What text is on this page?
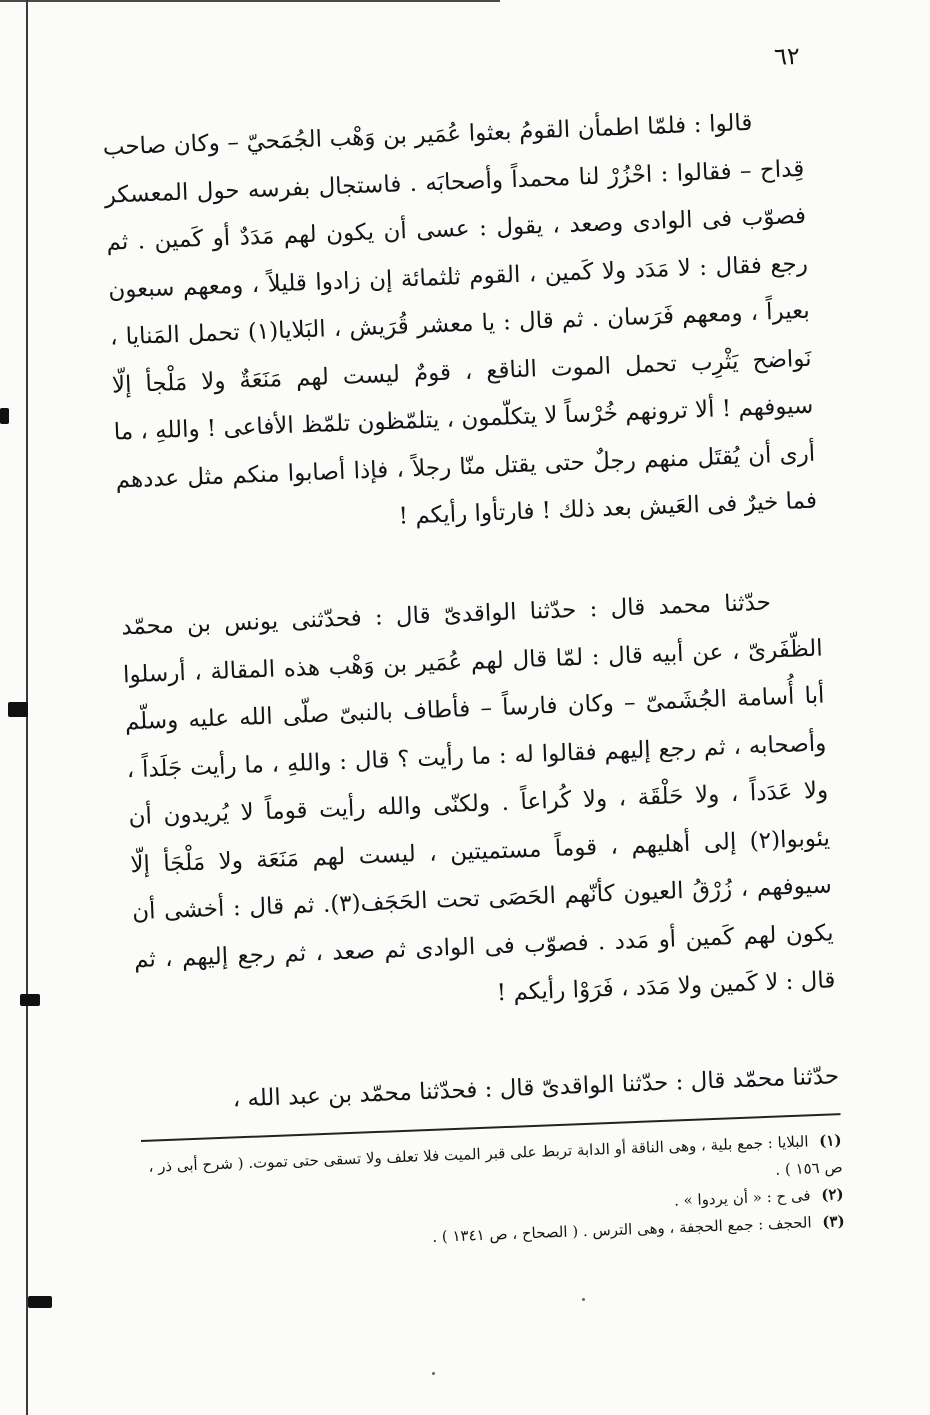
٦٢

قالوا : فلمّا اطمأن القومُ بعثوا عُمَير بن وَهْب الجُمَحيّ – وكان صاحب قِداح – فقالوا : احْزُرْ لنا محمداً وأصحابَه . فاستجال بفرسه حول المعسكر فصوّب فى الوادى وصعد ، يقول : عسى أن يكون لهم مَدَدٌ أو كَمين . ثم رجع فقال : لا مَدَد ولا كَمين ، القوم ثلثمائة إن زادوا قليلاً ، ومعهم سبعون بعيراً ، ومعهم فَرَسان . ثم قال : يا معشر قُرَيش ، البَلايا(١) تحمل المَنايا ، نَواضح يَثْرِب تحمل الموت الناقع ، قومٌ ليست لهم مَنَعَةٌ ولا مَلْجأ إلّا سيوفهم ! ألا ترونهم خُرْساً لا يتكلّمون ، يتلمّظون تلمّظ الأفاعى ! واللهِ ، ما أرى أن يُقتَل منهم رجلٌ حتى يقتل منّا رجلاً ، فإذا أصابوا منكم مثل عددهم فما خيرٌ فى العَيش بعد ذلك ! فارتأوا رأيكم !

حدّثنا محمد قال : حدّثنا الواقدىّ قال : فحدّثنى يونس بن محمّد الظّفَرىّ ، عن أبيه قال : لمّا قال لهم عُمَير بن وَهْب هذه المقالة ، أرسلوا أبا أُسامة الجُشَمىّ – وكان فارساً – فأطاف بالنبىّ صلّى الله عليه وسلّم وأصحابه ، ثم رجع إليهم فقالوا له : ما رأيت ؟ قال : واللهِ ، ما رأيت جَلَداً ، ولا عَدَداً ، ولا حَلْقَة ، ولا كُراعاً . ولكنّى والله رأيت قوماً لا يُريدون أن يئوبوا(٢) إلى أهليهم ، قوماً مستميتين ، ليست لهم مَنَعَة ولا مَلْجَأ إلّا سيوفهم ، زُرْقُ العيون كأنّهم الحَصَى تحت الحَجَف(٣). ثم قال : أخشى أن يكون لهم كَمين أو مَدد . فصوّب فى الوادى ثم صعد ، ثم رجع إليهم ، ثم قال : لا كَمين ولا مَدَد ، فَرَوْا رأيكم !

حدّثنا محمّد قال : حدّثنا الواقدىّ قال : فحدّثنا محمّد بن عبد الله ،

(١) البلايا : جمع بلية ، وهى الناقة أو الدابة تربط على قبر الميت فلا تعلف ولا تسقى حتى تموت. ( شرح أبى ذر ، ص ١٥٦ ) .

(٢) فى ح : « أن يردوا » .

(٣) الحجف : جمع الحجفة ، وهى الترس . ( الصحاح ، ص ١٣٤١ ) .
